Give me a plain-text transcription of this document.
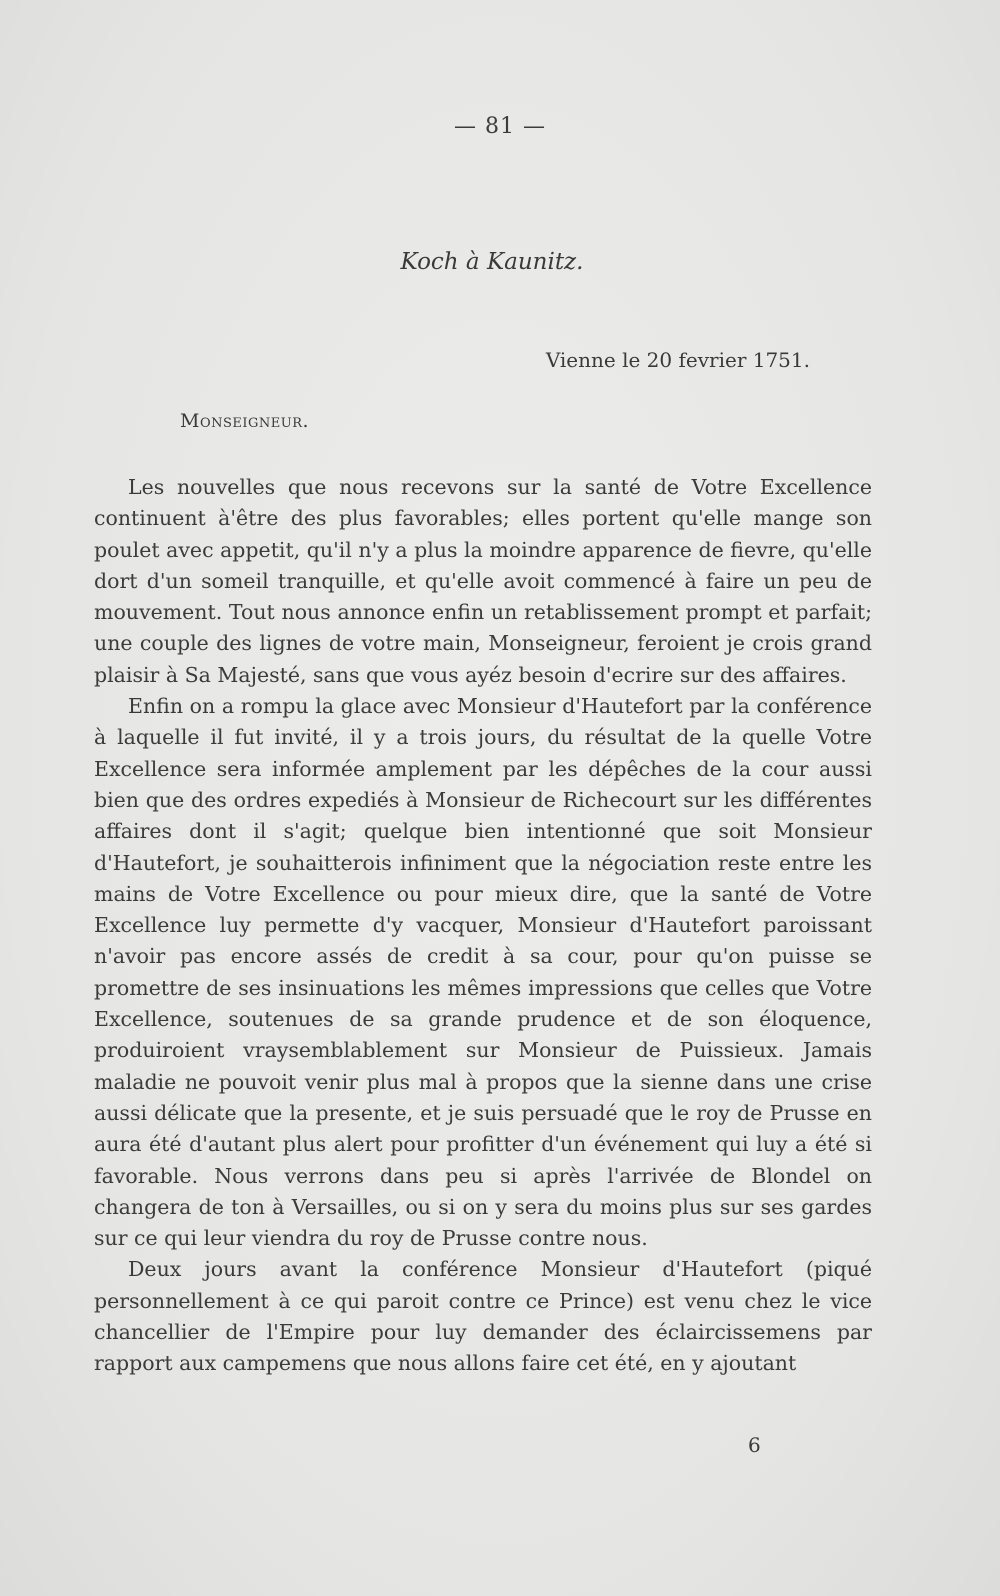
— 81 —
Koch à Kaunitz.
Vienne le 20 fevrier 1751.
Monseigneur.

Les nouvelles que nous recevons sur la santé de Votre Excellence continuent à'être des plus favorables; elles portent qu'elle mange son poulet avec appetit, qu'il n'y a plus la moindre apparence de fievre, qu'elle dort d'un someil tranquille, et qu'elle avoit commencé à faire un peu de mouvement. Tout nous annonce enfin un retablissement prompt et parfait; une couple des lignes de votre main, Monseigneur, feroient je crois grand plaisir à Sa Majesté, sans que vous ayéz besoin d'ecrire sur des affaires.

Enfin on a rompu la glace avec Monsieur d'Hautefort par la conférence à laquelle il fut invité, il y a trois jours, du résultat de la quelle Votre Excellence sera informée amplement par les dépêches de la cour aussi bien que des ordres expediés à Monsieur de Richecourt sur les différentes affaires dont il s'agit; quelque bien intentionné que soit Monsieur d'Hautefort, je souhaitterois infiniment que la négociation reste entre les mains de Votre Excellence ou pour mieux dire, que la santé de Votre Excellence luy permette d'y vacquer, Monsieur d'Hautefort paroissant n'avoir pas encore assés de credit à sa cour, pour qu'on puisse se promettre de ses insinuations les mêmes impressions que celles que Votre Excellence, soutenues de sa grande prudence et de son éloquence, produiroient vraysemblablement sur Monsieur de Puissieux. Jamais maladie ne pouvoit venir plus mal à propos que la sienne dans une crise aussi délicate que la presente, et je suis persuadé que le roy de Prusse en aura été d'autant plus alert pour profitter d'un événement qui luy a été si favorable. Nous verrons dans peu si après l'arrivée de Blondel on changera de ton à Versailles, ou si on y sera du moins plus sur ses gardes sur ce qui leur viendra du roy de Prusse contre nous.

Deux jours avant la conférence Monsieur d'Hautefort (piqué personnellement à ce qui paroit contre ce Prince) est venu chez le vice chancellier de l'Empire pour luy demander des éclaircissemens par rapport aux campemens que nous allons faire cet été, en y ajoutant

6
